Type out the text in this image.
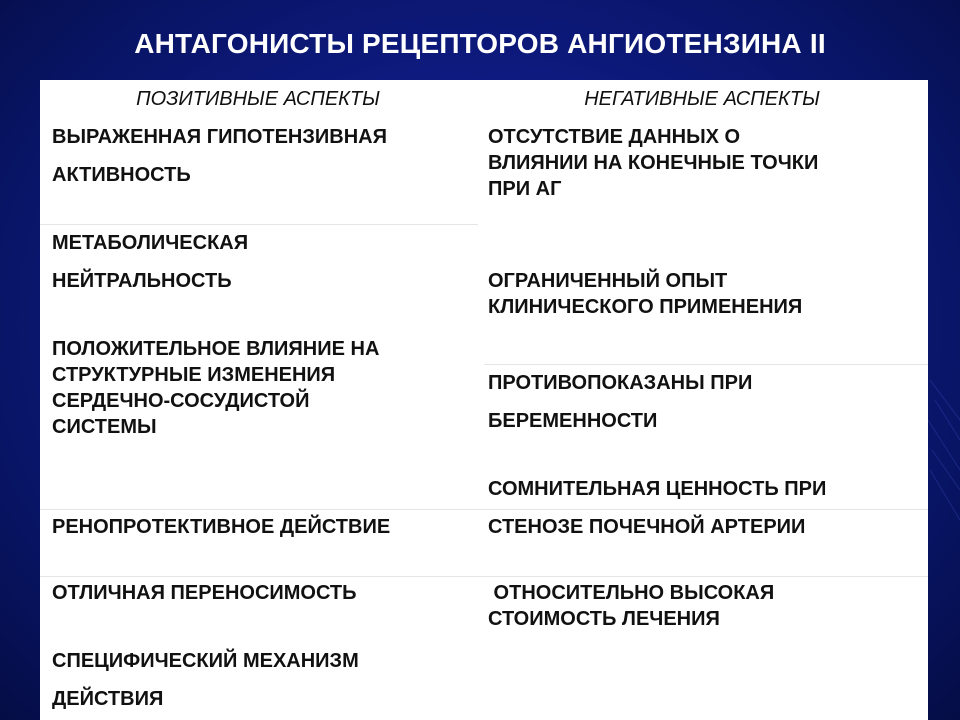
АНТАГОНИСТЫ РЕЦЕПТОРОВ АНГИОТЕНЗИНА II
ПОЗИТИВНЫЕ АСПЕКТЫ
ВЫРАЖЕННАЯ ГИПОТЕНЗИВНАЯ
АКТИВНОСТЬ
МЕТАБОЛИЧЕСКАЯ
НЕЙТРАЛЬНОСТЬ
ПОЛОЖИТЕЛЬНОЕ ВЛИЯНИЕ НА
СТРУКТУРНЫЕ ИЗМЕНЕНИЯ
СЕРДЕЧНО-СОСУДИСТОЙ
СИСТЕМЫ
РЕНОПРОТЕКТИВНОЕ ДЕЙСТВИЕ
ОТЛИЧНАЯ ПЕРЕНОСИМОСТЬ
СПЕЦИФИЧЕСКИЙ МЕХАНИЗМ
ДЕЙСТВИЯ
НЕГАТИВНЫЕ АСПЕКТЫ
ОТСУТСТВИЕ ДАННЫХ О
ВЛИЯНИИ НА КОНЕЧНЫЕ ТОЧКИ
ПРИ АГ
ОГРАНИЧЕННЫЙ ОПЫТ
КЛИНИЧЕСКОГО ПРИМЕНЕНИЯ
ПРОТИВОПОКАЗАНЫ ПРИ
БЕРЕМЕННОСТИ
СОМНИТЕЛЬНАЯ ЦЕННОСТЬ ПРИ
СТЕНОЗЕ ПОЧЕЧНОЙ АРТЕРИИ
ОТНОСИТЕЛЬНО ВЫСОКАЯ
СТОИМОСТЬ ЛЕЧЕНИЯ
